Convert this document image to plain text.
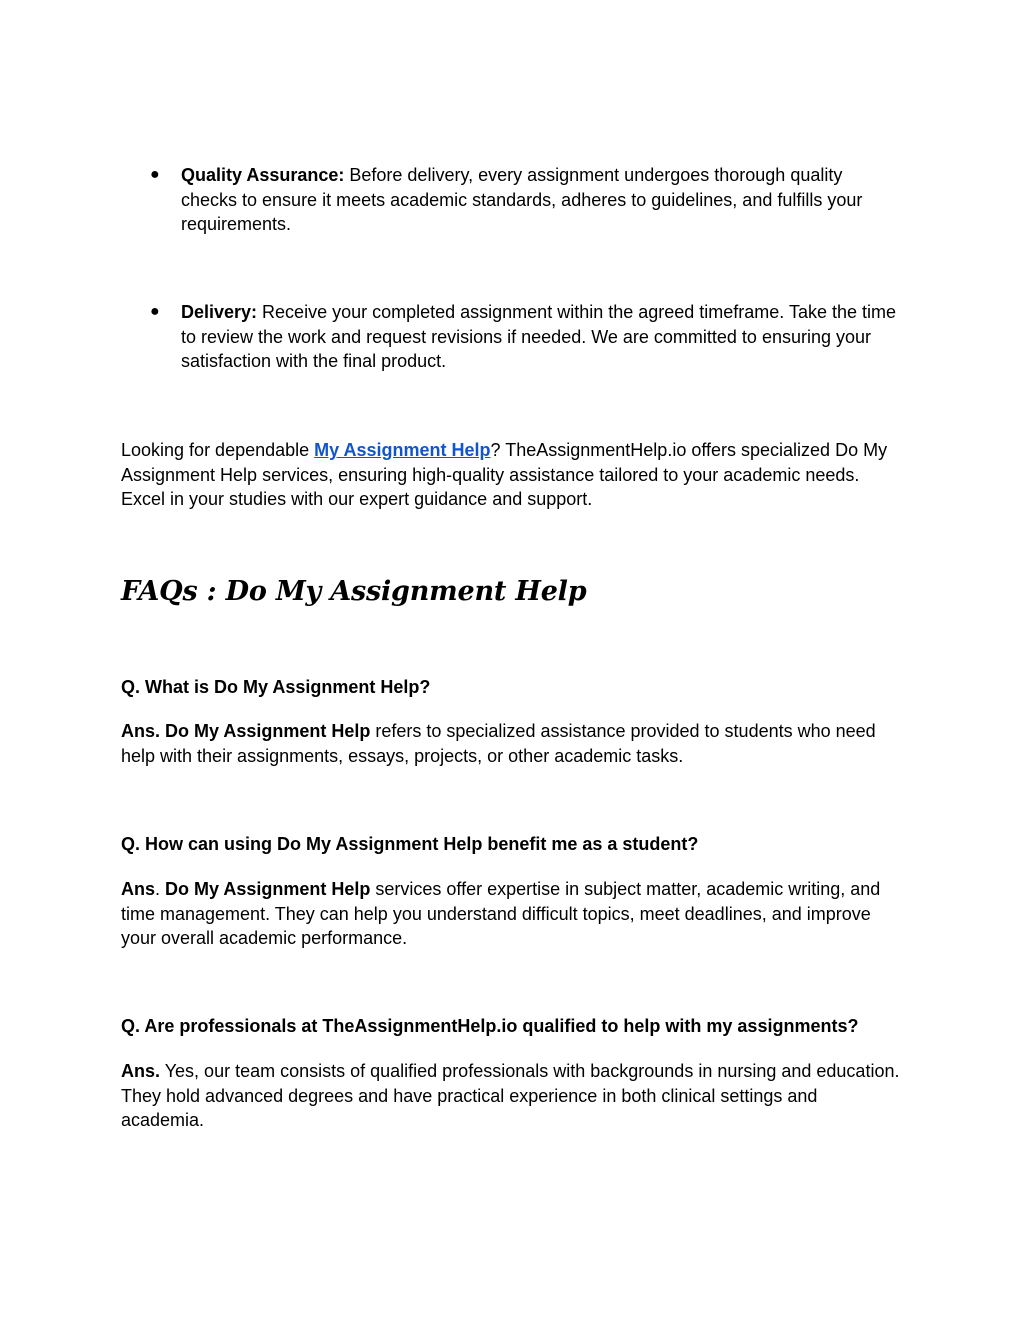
●	Quality Assurance: Before delivery, every assignment undergoes thorough quality checks to ensure it meets academic standards, adheres to guidelines, and fulfills your requirements.
●	Delivery: Receive your completed assignment within the agreed timeframe. Take the time to review the work and request revisions if needed. We are committed to ensuring your satisfaction with the final product.
Looking for dependable My Assignment Help? TheAssignmentHelp.io offers specialized Do My Assignment Help services, ensuring high-quality assistance tailored to your academic needs. Excel in your studies with our expert guidance and support.
FAQs : Do My Assignment Help
Q. What is Do My Assignment Help?
Ans. Do My Assignment Help refers to specialized assistance provided to students who need help with their assignments, essays, projects, or other academic tasks.
Q. How can using Do My Assignment Help benefit me as a student?
Ans. Do My Assignment Help services offer expertise in subject matter, academic writing, and time management. They can help you understand difficult topics, meet deadlines, and improve your overall academic performance.
Q. Are professionals at TheAssignmentHelp.io qualified to help with my assignments?
Ans. Yes, our team consists of qualified professionals with backgrounds in nursing and education. They hold advanced degrees and have practical experience in both clinical settings and academia.
